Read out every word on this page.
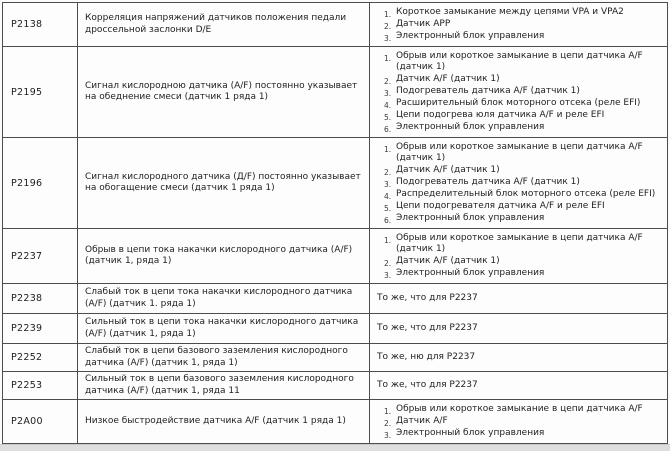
P2138	Корреляция напряжений датчиков положения педали дроссельной заслонки D/E	
Короткое замыкание между цепями VPA и VPA2
Датчик APP
Электронный блок управления

P2195	Сигнал кислородною датчика (A/F) постоянно указывает на обеднение смеси (датчик 1 ряда 1)	
Обрыв или короткое замыкание в цепи датчика A/F (датчик 1)
Датчик A/F (датчик 1)
Подогреватель датчика A/F (датчик 1)
Расширительный блок моторного отсека (реле EFI)
Цепи подогрева юля датчика A/F и реле EFI
Электронный блок управления

P2196	Сигнал кислородного датчика (Д/F) постоянно указывает на обогащение смеси (датчик 1 ряда 1)	
Обрыв или короткое замыкание в цепи датчика A/F (датчик 1)
Датчик A/F (датчик 1)
Подогреватель датчика A/F (датчик 1)
Распределительный блок моторного отсека (реле EFI)
Цепи подогревателя датчика A/F и реле EFI
Электронный блок управления

P2237	Обрыв в цепи тока накачки кислородного датчика (A/F) (датчик 1, ряда 1)	
Обрыв или короткое замыкание в цепи датчика A/F (датчик 1)
Датчик A/F (датчик 1)
Электронный блок управления

P2238	Слабый ток в цепи тока накачки кислородного датчика (A/F) (датчик 1. ряда 1)	То же, что для P2237
P2239	Сильный ток в цепи тока накачки кислородного датчика (A/F) (датчик 1, ряда 1)	То же, что для P2237
P2252	Слабый ток в цепи базового заземления кислородного датчика (A/F) (датчик 1, ряда 1)	То же, ню для P2237
P2253	Сильный ток в цепи базового заземления кислородного датчика (A/F) (датчик 1, ряда 11	То же, что для P2237
P2A00	Низкое быстродействие датчика A/F (датчик 1 ряда 1)	
Обрыв или короткое замыкание в цепи датчика A/F
Датчик A/F
Электронный блок управления
